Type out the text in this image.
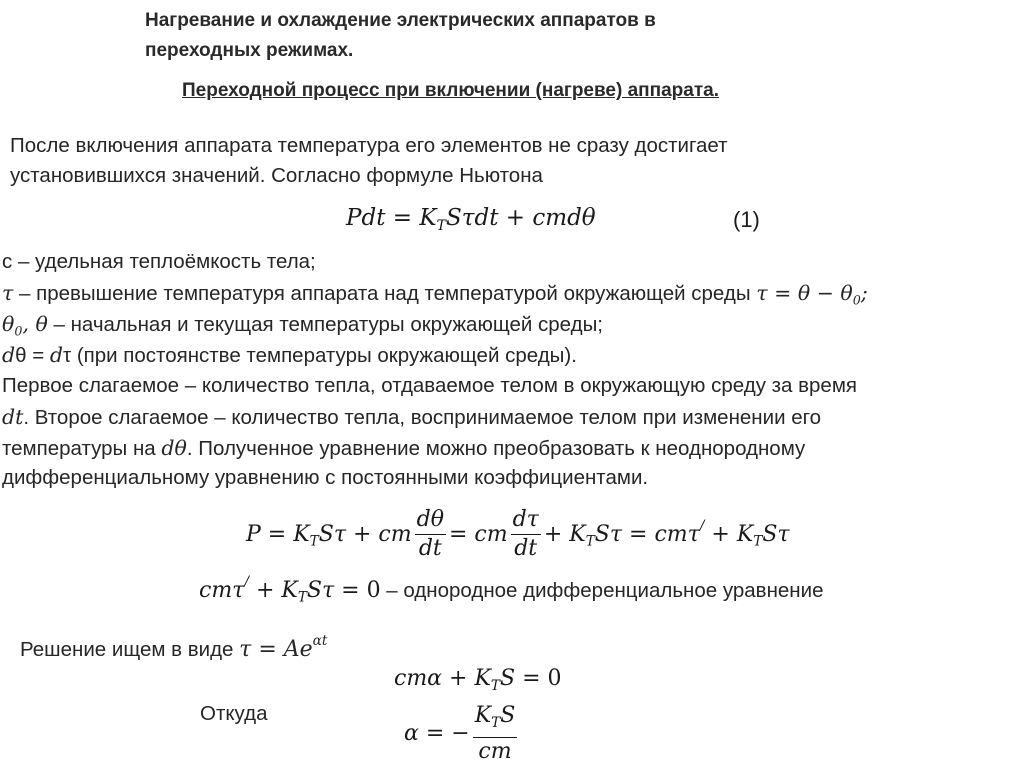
Нагревание и охлаждение электрических аппаратов в
переходных режимах.
Переходной процесс при включении (нагреве) аппарата.
После включения аппарата температура его элементов не сразу достигает
установившихся значений. Согласно формуле Ньютона
Pdt = $K_TS\tau dt + cmd\theta$	(1)
с – удельная теплоёмкость тела;
τ – превышение температуря аппарата над температурой окружающей среды $\tau = \theta - \theta_0$;
$\theta_0$, θ – начальная и текущая температуры окружающей среды;
dθ = dτ (при постоянстве температуры окружающей среды).
Первое слагаемое – количество тепла, отдаваемое телом в окружающую среду за время
dt. Второе слагаемое – количество тепла, воспринимаемое телом при изменении его
температуры на dθ. Полученное уравнение можно преобразовать к неоднородному
дифференциальному уравнению с постоянными коэффициентами.
$P = K_TS\tau$ + cm $\frac{d\theta}{dt}$ = cm $\frac{d\tau}{dt} + K_TS\tau = cm\tau^/ + K_TS\tau$
$cm\tau^/ + K_TS\tau = 0$ – однородное дифференциальное уравнение
Решение ищем в виде $\tau = Ae^{\alpha t}$
$cm\alpha + K_TS = 0$
Откуда
α = − $\frac{K_TS}{cm}$
